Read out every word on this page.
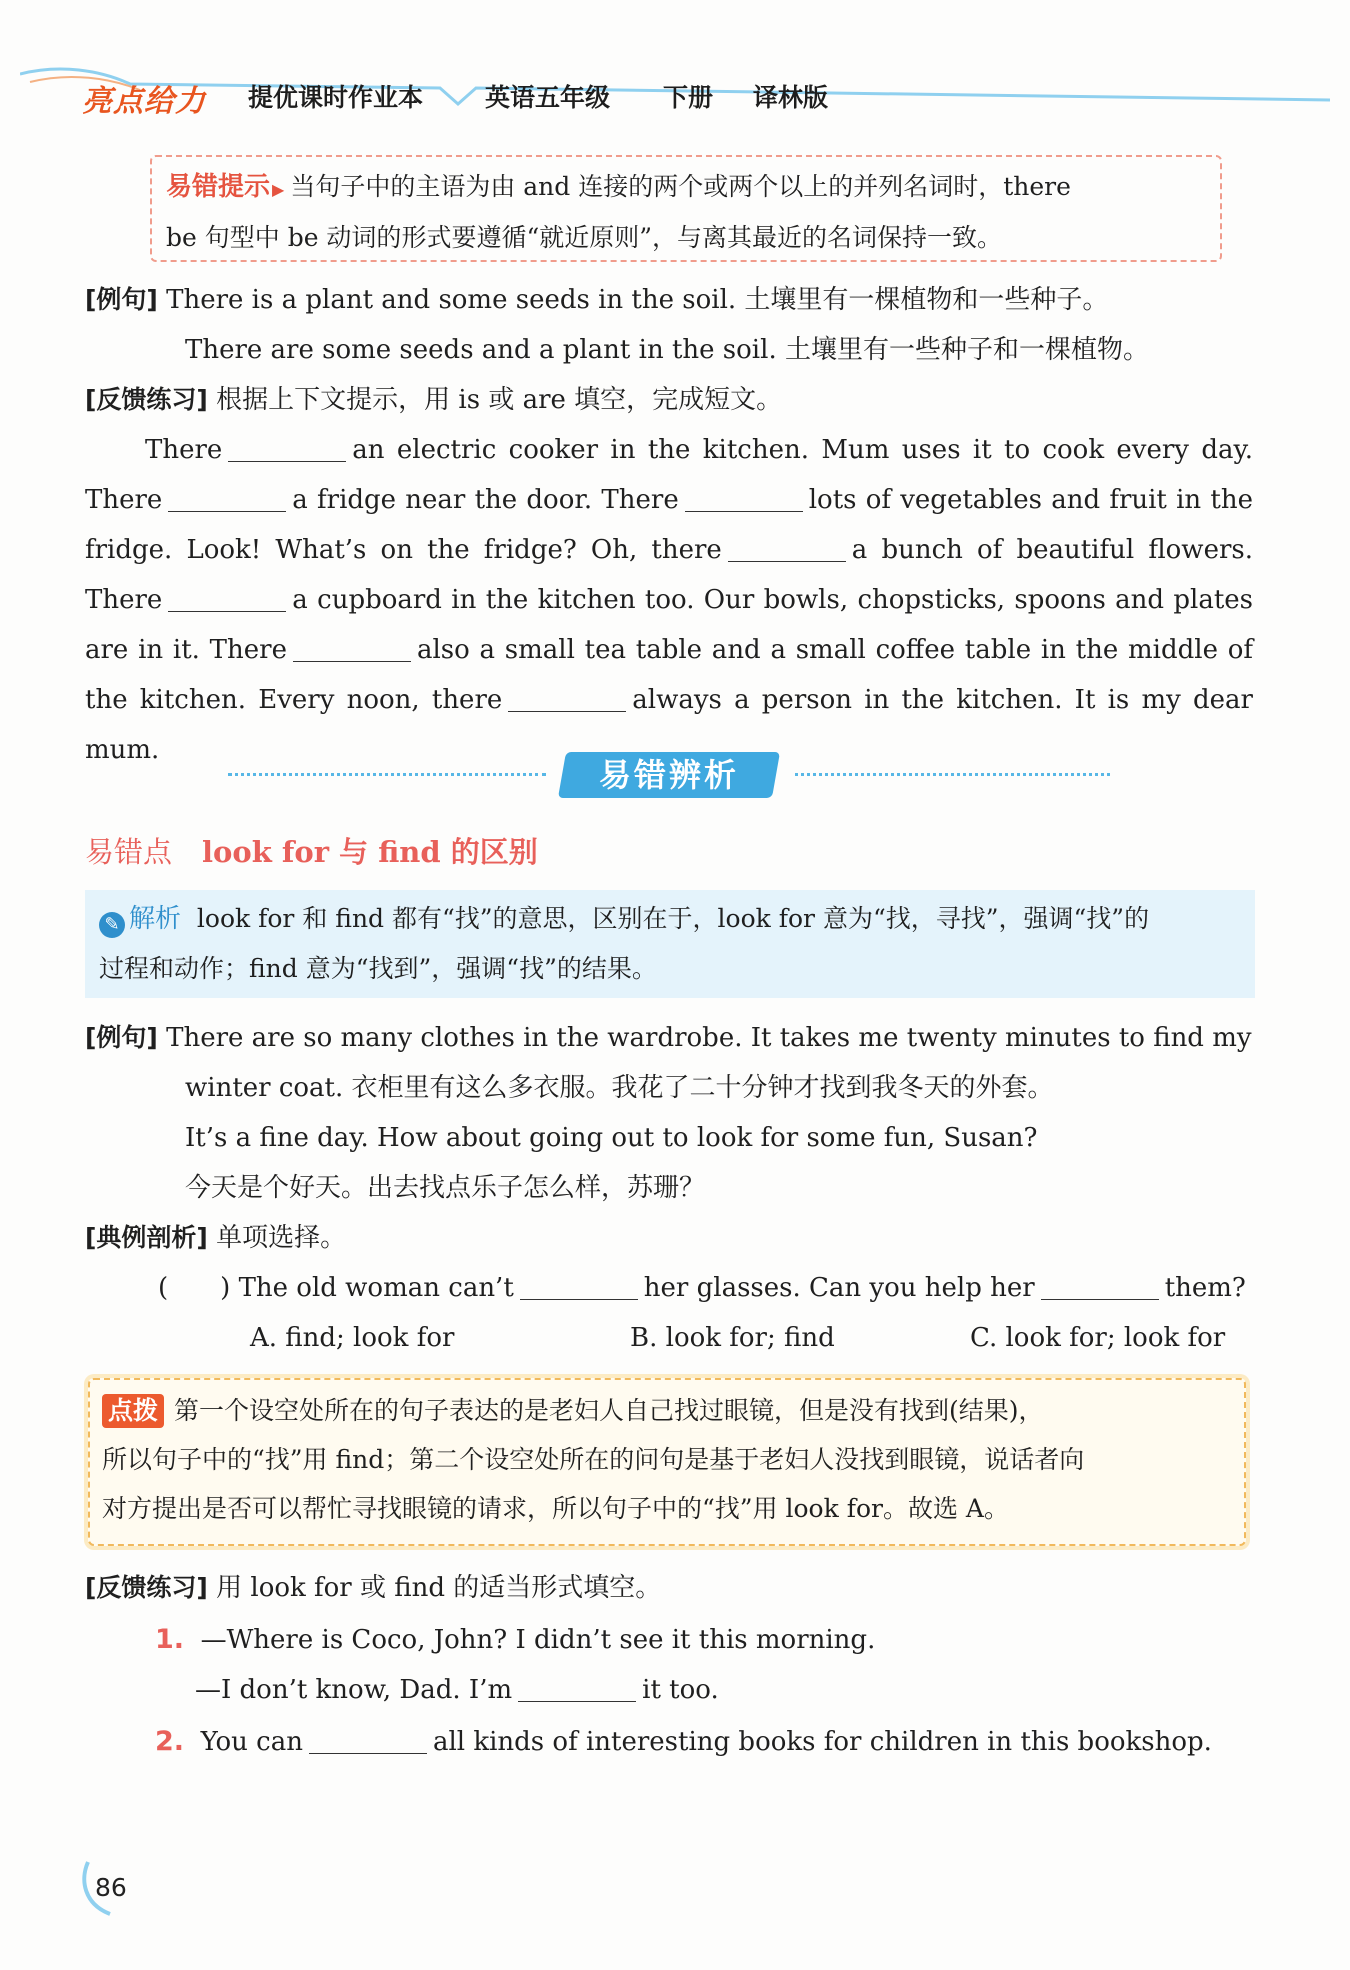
亮点给力 提优课时作业本 英语五年级 下册 译林版

易错提示 ▶ 当句子中的主语为由 and 连接的两个或两个以上的并列名词时，there

be 句型中 be 动词的形式要遵循“就近原则”，与离其最近的名词保持一致。

[例句] There is a plant and some seeds in the soil. 土壤里有一棵植物和一些种子。
There are some seeds and a plant in the soil. 土壤里有一些种子和一棵植物。
[反馈练习] 根据上下文提示，用 is 或 are 填空，完成短文。
There	an electric cooker in the kitchen. Mum uses it to cook every day. There	a fridge near the door. There	lots of vegetables and fruit in the fridge. Look! What’s on the fridge? Oh, there	a bunch of beautiful flowers. There	a cupboard in the kitchen too. Our bowls, chopsticks, spoons and plates are in it. There	also a small tea table and a small coffee table in the middle of the kitchen. Every noon, there	always a person in the kitchen. It is my dear mum.
易错辨析
易错点 look for 与 find 的区别

✎ 解析 look for 和 find 都有“找”的意思，区别在于，look for 意为“找，寻找”，强调“找”的

过程和动作；find 意为“找到”，强调“找”的结果。

[例句] There are so many clothes in the wardrobe. It takes me twenty minutes to find my
winter coat. 衣柜里有这么多衣服。我花了二十分钟才找到我冬天的外套。
It’s a fine day. How about going out to look for some fun, Susan?
今天是个好天。出去找点乐子怎么样，苏珊？
[典例剖析] 单项选择。
(　　) The old woman can’t	her glasses. Can you help her	them?
A. find; look for	B. look for; find	C. look for; look for

点拨 第一个设空处所在的句子表达的是老妇人自己找过眼镜，但是没有找到(结果)，

所以句子中的“找”用 find；第二个设空处所在的问句是基于老妇人没找到眼镜，说话者向

对方提出是否可以帮忙寻找眼镜的请求，所以句子中的“找”用 look for。故选 A。

[反馈练习] 用 look for 或 find 的适当形式填空。
1. —Where is Coco, John? I didn’t see it this morning.
—I don’t know, Dad. I’m	it too.
2. You can	all kinds of interesting books for children in this bookshop.
86
